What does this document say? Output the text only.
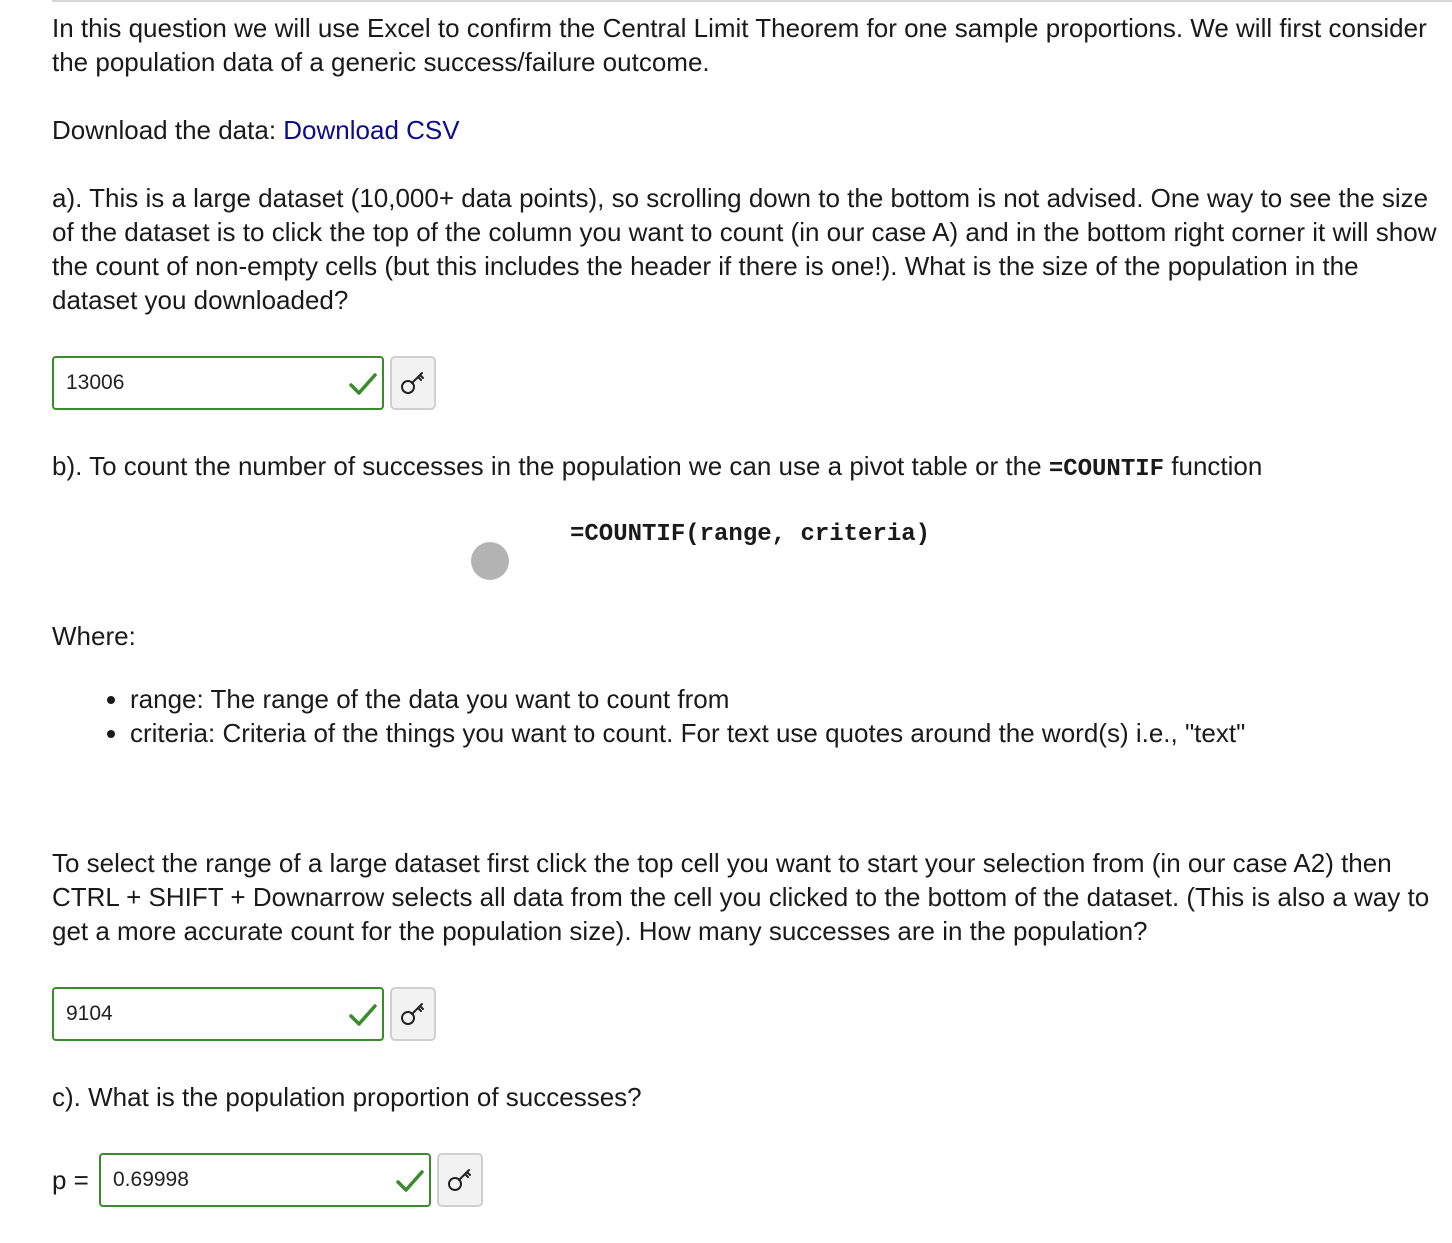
In this question we will use Excel to confirm the Central Limit Theorem for one sample proportions. We will first consider the population data of a generic success/failure outcome.
Download the data: Download CSV
a). This is a large dataset (10,000+ data points), so scrolling down to the bottom is not advised. One way to see the size of the dataset is to click the top of the column you want to count (in our case A) and in the bottom right corner it will show the count of non-empty cells (but this includes the header if there is one!). What is the size of the population in the dataset you downloaded?
13006
b). To count the number of successes in the population we can use a pivot table or the =COUNTIF function
=COUNTIF(range, criteria)
Where:
• range: The range of the data you want to count from
• criteria: Criteria of the things you want to count. For text use quotes around the word(s) i.e., "text"
To select the range of a large dataset first click the top cell you want to start your selection from (in our case A2) then CTRL + SHIFT + Downarrow selects all data from the cell you clicked to the bottom of the dataset. (This is also a way to get a more accurate count for the population size). How many successes are in the population?
9104
c). What is the population proportion of successes?
p =
0.69998
